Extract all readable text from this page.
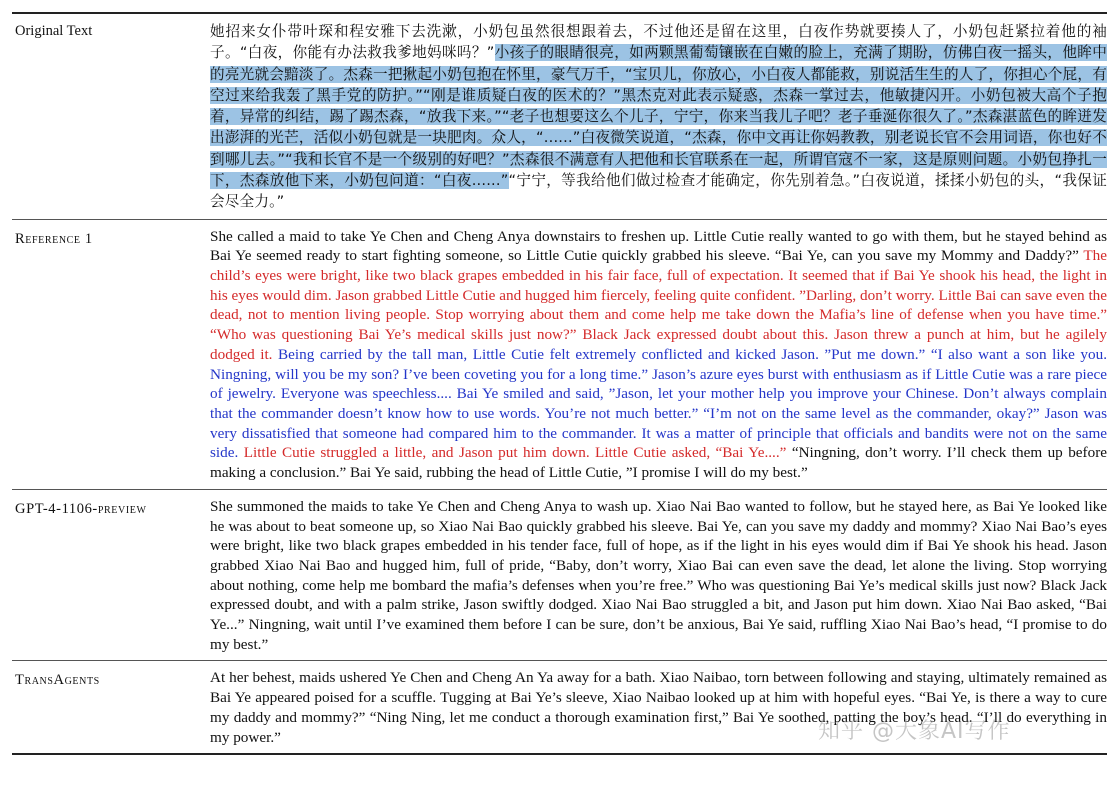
Original Text	她招来女仆带叶琛和程安雅下去洗漱，小奶包虽然很想跟着去，不过他还是留在这里，白夜作势就要揍人了，小奶包赶紧拉着他的袖子。“白夜，你能有办法救我爹地妈咪吗？”小孩子的眼睛很亮，如两颗黑葡萄镶嵌在白嫩的脸上，充满了期盼，仿佛白夜一摇头，他眸中的亮光就会黯淡了。杰森一把揪起小奶包抱在怀里，豪气万千，“宝贝儿，你放心，小白夜人都能救，别说活生生的人了，你担心个屁，有空过来给我轰了黑手党的防护。”“刚是谁质疑白夜的医术的？”黑杰克对此表示疑惑，杰森一掌过去，他敏捷闪开。小奶包被大高个子抱着，异常的纠结，踢了踢杰森，“放我下来。”“老子也想要这么个儿子，宁宁，你来当我儿子吧？老子垂涎你很久了。”杰森湛蓝色的眸迸发出澎湃的光芒，活似小奶包就是一块肥肉。众人，“......”白夜微笑说道，“杰森，你中文再让你妈教教，别老说长官不会用词语，你也好不到哪儿去。”“我和长官不是一个级别的好吧？”杰森很不满意有人把他和长官联系在一起，所谓官寇不一家，这是原则问题。小奶包挣扎一下，杰森放他下来，小奶包问道：“白夜......”“宁宁，等我给他们做过检查才能确定，你先别着急。”白夜说道，揉揉小奶包的头，“我保证会尽全力。”
Reference 1	She called a maid to take Ye Chen and Cheng Anya downstairs to freshen up. Little Cutie really wanted to go with them, but he stayed behind as Bai Ye seemed ready to start fighting someone, so Little Cutie quickly grabbed his sleeve. “Bai Ye, can you save my Mommy and Daddy?” The child’s eyes were bright, like two black grapes embedded in his fair face, full of expectation. It seemed that if Bai Ye shook his head, the light in his eyes would dim. Jason grabbed Little Cutie and hugged him fiercely, feeling quite confident. ”Darling, don’t worry. Little Bai can save even the dead, not to mention living people. Stop worrying about them and come help me take down the Mafia’s line of defense when you have time.” “Who was questioning Bai Ye’s medical skills just now?” Black Jack expressed doubt about this. Jason threw a punch at him, but he agilely dodged it. Being carried by the tall man, Little Cutie felt extremely conflicted and kicked Jason. ”Put me down.” “I also want a son like you. Ningning, will you be my son? I’ve been coveting you for a long time.” Jason’s azure eyes burst with enthusiasm as if Little Cutie was a rare piece of jewelry. Everyone was speechless.... Bai Ye smiled and said, ”Jason, let your mother help you improve your Chinese. Don’t always complain that the commander doesn’t know how to use words. You’re not much better.” “I’m not on the same level as the commander, okay?” Jason was very dissatisfied that someone had compared him to the commander. It was a matter of principle that officials and bandits were not on the same side. Little Cutie struggled a little, and Jason put him down. Little Cutie asked, “Bai Ye....” “Ningning, don’t worry. I’ll check them up before making a conclusion.” Bai Ye said, rubbing the head of Little Cutie, ”I promise I will do my best.”
GPT-4-1106-preview	She summoned the maids to take Ye Chen and Cheng Anya to wash up. Xiao Nai Bao wanted to follow, but he stayed here, as Bai Ye looked like he was about to beat someone up, so Xiao Nai Bao quickly grabbed his sleeve. Bai Ye, can you save my daddy and mommy? Xiao Nai Bao’s eyes were bright, like two black grapes embedded in his tender face, full of hope, as if the light in his eyes would dim if Bai Ye shook his head. Jason grabbed Xiao Nai Bao and hugged him, full of pride, “Baby, don’t worry, Xiao Bai can even save the dead, let alone the living. Stop worrying about nothing, come help me bombard the mafia’s defenses when you’re free.” Who was questioning Bai Ye’s medical skills just now? Black Jack expressed doubt, and with a palm strike, Jason swiftly dodged. Xiao Nai Bao struggled a bit, and Jason put him down. Xiao Nai Bao asked, “Bai Ye...” Ningning, wait until I’ve examined them before I can be sure, don’t be anxious, Bai Ye said, ruffling Xiao Nai Bao’s head, “I promise to do my best.”
TransAgents	At her behest, maids ushered Ye Chen and Cheng An Ya away for a bath. Xiao Naibao, torn between following and staying, ultimately remained as Bai Ye appeared poised for a scuffle. Tugging at Bai Ye’s sleeve, Xiao Naibao looked up at him with hopeful eyes. “Bai Ye, is there a way to cure my daddy and mommy?” “Ning Ning, let me conduct a thorough examination first,” Bai Ye soothed, patting the boy’s head. “I’ll do everything in my power.”	知乎 @大象AI写作
